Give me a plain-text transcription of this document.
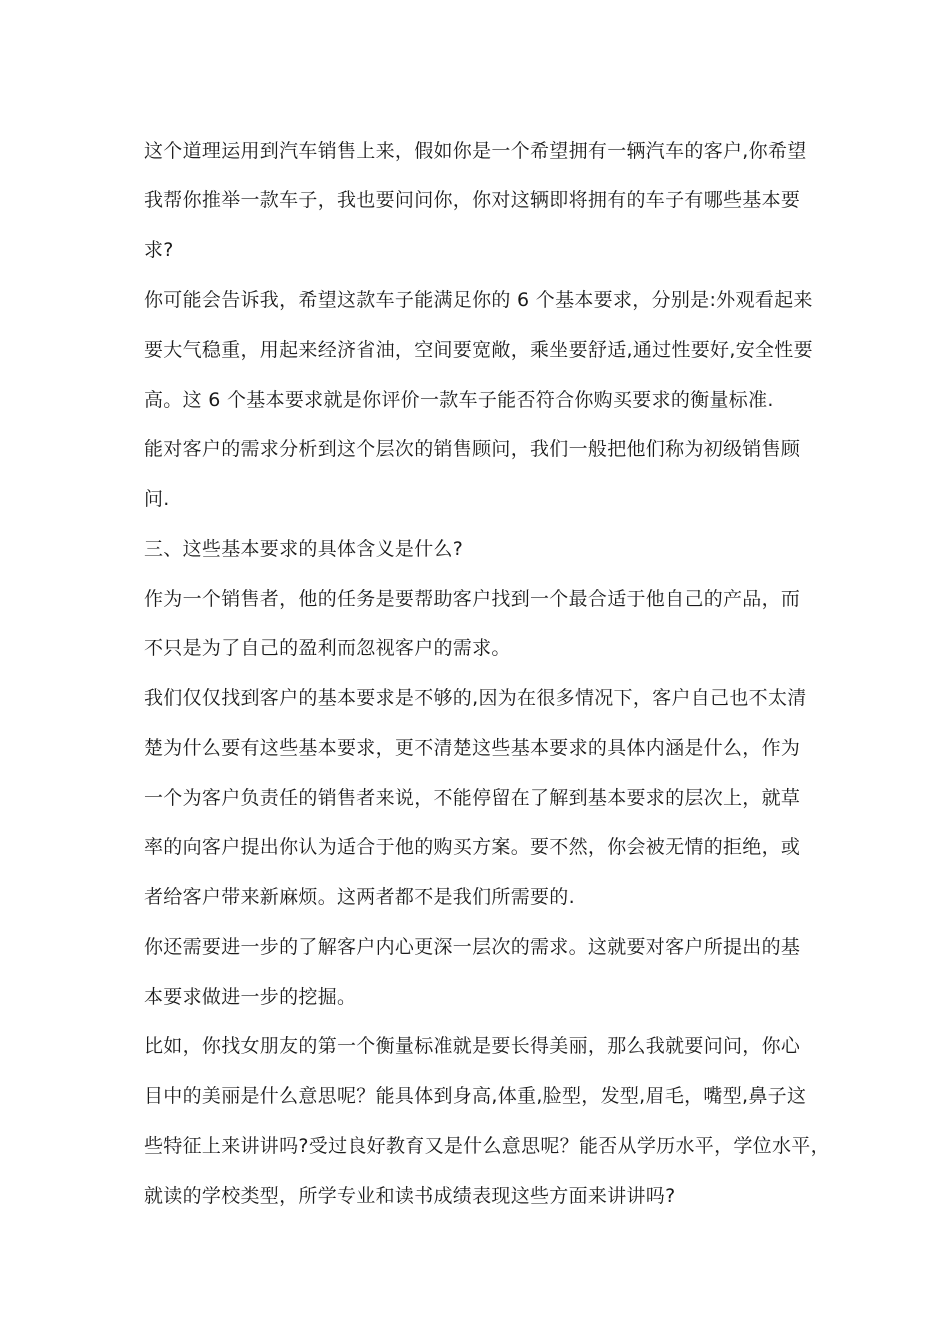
这个道理运用到汽车销售上来，假如你是一个希望拥有一辆汽车的客户,你希望
我帮你推举一款车子，我也要问问你，你对这辆即将拥有的车子有哪些基本要
求?
你可能会告诉我，希望这款车子能满足你的 6 个基本要求，分别是:外观看起来
要大气稳重，用起来经济省油，空间要宽敞，乘坐要舒适,通过性要好,安全性要
高。这 6 个基本要求就是你评价一款车子能否符合你购买要求的衡量标准.
能对客户的需求分析到这个层次的销售顾问，我们一般把他们称为初级销售顾
问.
三、这些基本要求的具体含义是什么?
作为一个销售者，他的任务是要帮助客户找到一个最合适于他自己的产品，而
不只是为了自己的盈利而忽视客户的需求。
我们仅仅找到客户的基本要求是不够的,因为在很多情况下，客户自己也不太清
楚为什么要有这些基本要求，更不清楚这些基本要求的具体内涵是什么，作为
一个为客户负责任的销售者来说，不能停留在了解到基本要求的层次上，就草
率的向客户提出你认为适合于他的购买方案。要不然，你会被无情的拒绝，或
者给客户带来新麻烦。这两者都不是我们所需要的.
你还需要进一步的了解客户内心更深一层次的需求。这就要对客户所提出的基
本要求做进一步的挖掘。
比如，你找女朋友的第一个衡量标准就是要长得美丽，那么我就要问问，你心
目中的美丽是什么意思呢？能具体到身高,体重,脸型，发型,眉毛，嘴型,鼻子这
些特征上来讲讲吗?受过良好教育又是什么意思呢？能否从学历水平，学位水平，
就读的学校类型，所学专业和读书成绩表现这些方面来讲讲吗?
